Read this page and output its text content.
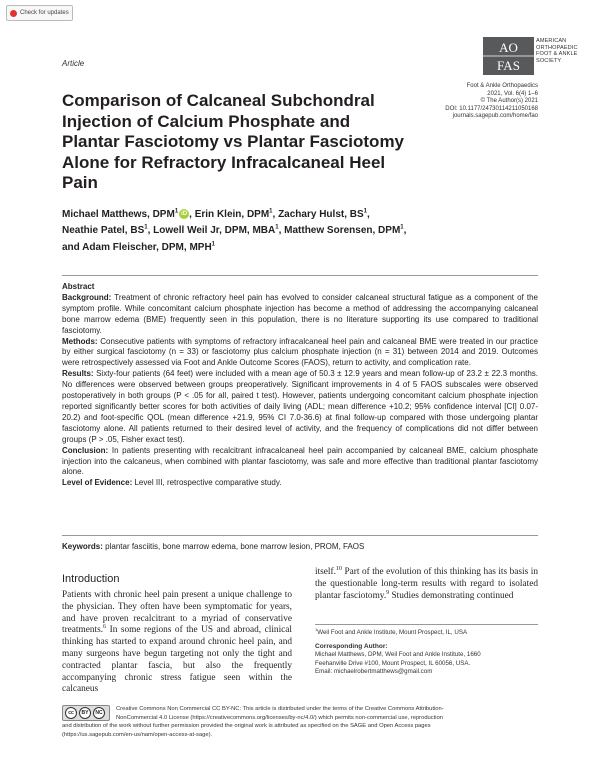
Check for updates
Article
AO
FAS
AMERICAN
ORTHOPAEDIC
FOOT & ANKLE
SOCIETY
Foot & Ankle Orthopaedics
2021, Vol. 6(4) 1–6
© The Author(s) 2021
DOI: 10.1177/24730114211050168
journals.sagepub.com/home/fao
Comparison of Calcaneal Subchondral Injection of Calcium Phosphate and Plantar Fasciotomy vs Plantar Fasciotomy Alone for Refractory Infracalcaneal Heel Pain
Michael Matthews, DPM$^1$ iD , Erin Klein, DPM$^1$, Zachary Hulst, $BS^1$,
Neathie Patel, $BS^1$, Lowell Weil Jr, DPM, MBA$^1$, Matthew Sorensen, DPM$^1$,
and Adam Fleischer, DPM, MPH$^1$

Abstract

Background: Treatment of chronic refractory heel pain has evolved to consider calcaneal structural fatigue as a component of the symptom profile. While concomitant calcium phosphate injection has become a method of addressing the accompanying calcaneal bone marrow edema (BME) frequently seen in this population, there is no literature supporting its use compared to traditional fasciotomy.

Methods: Consecutive patients with symptoms of refractory infracalcaneal heel pain and calcaneal BME were treated in our practice by either surgical fasciotomy (n = 33) or fasciotomy plus calcium phosphate injection (n = 31) between 2014 and 2019. Outcomes were retrospectively assessed via Foot and Ankle Outcome Scores (FAOS), return to activity, and complication rate.

Results: Sixty-four patients (64 feet) were included with a mean age of 50.3 ± 12.9 years and mean follow-up of 23.2 ± 22.3 months. No differences were observed between groups preoperatively. Significant improvements in 4 of 5 FAOS subscales were observed postoperatively in both groups (P < .05 for all, paired t test). However, patients undergoing concomitant calcium phosphate injection reported significantly better scores for both activities of daily living (ADL; mean difference +10.2; 95% confidence interval [CI] 0.07-20.2) and foot-specific QOL (mean difference +21.9, 95% CI 7.0-36.6) at final follow-up compared with those undergoing plantar fasciotomy alone. All patients returned to their desired level of activity, and the frequency of complications did not differ between groups (P > .05, Fisher exact test).

Conclusion: In patients presenting with recalcitrant infracalcaneal heel pain accompanied by calcaneal BME, calcium phosphate injection into the calcaneus, when combined with plantar fasciotomy, was safe and more effective than traditional plantar fasciotomy alone.

Level of Evidence: Level III, retrospective comparative study.

Keywords: plantar fasciitis, bone marrow edema, bone marrow lesion, PROM, FAOS
Introduction
Patients with chronic heel pain present a unique challenge to the physician. They often have been symptomatic for years, and have proven recalcitrant to a myriad of conservative treatments.$^6$ In some regions of the US and abroad, clinical thinking has started to expand around chronic heel pain, and many surgeons have begun targeting not only the tight and contracted plantar fascia, but also the frequently accompanying chronic stress fatigue seen within the calcaneus
itself.$^{10}$ Part of the evolution of this thinking has its basis in the questionable long-term results with regard to isolated plantar fasciotomy.$^9$ Studies demonstrating continued
$^1$Weil Foot and Ankle Institute, Mount Prospect, IL, USA
Corresponding Author:
Michael Matthews, DPM, Weil Foot and Ankle Institute, 1660
Feehanville Drive #100, Mount Prospect, IL 60056, USA.
Email: michaelrobertmatthews@gmail.com
cc	BY	NC
Creative Commons Non Commercial CC BY-NC: This article is distributed under the terms of the Creative Commons Attribution-
NonCommercial 4.0 License (https://creativecommons.org/licenses/by-nc/4.0/) which permits non-commercial use, reproduction
and distribution of the work without further permission provided the original work is attributed as specified on the SAGE and Open Access pages
(https://us.sagepub.com/en-us/nam/open-access-at-sage).
